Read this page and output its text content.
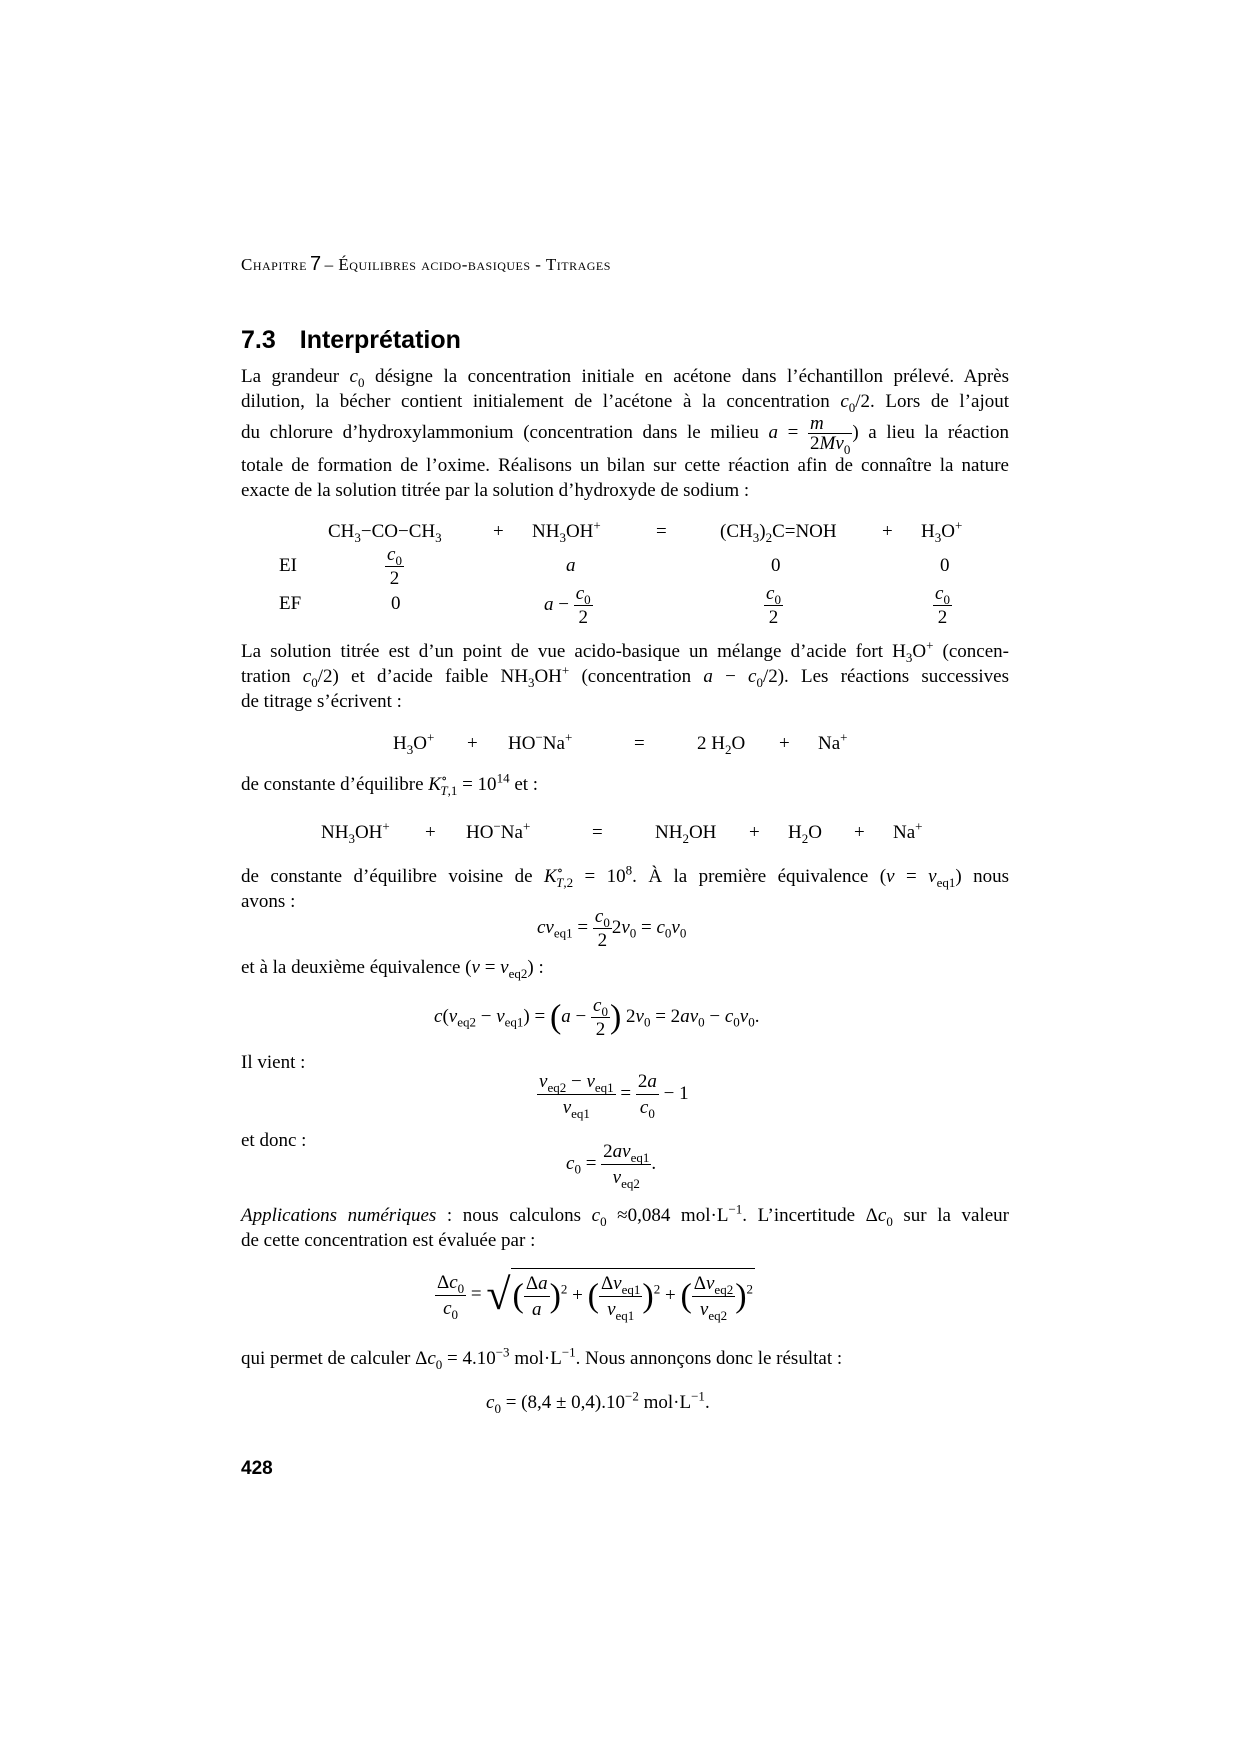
Chapitre 7 – Équilibres acido-basiques - Titrages
7.3 Interprétation
La grandeur $c_0$ désigne la concentration initiale en acétone dans l’échantillon prélevé. Après
dilution, la bécher contient initialement de l’acétone à la concentration $c_0/2$. Lors de l’ajout
du chlorure d’hydroxylammonium (concentration dans le milieu $a = \frac{m}{2Mv_0}$ ) a lieu la réaction
totale de formation de l’oxime. Réalisons un bilan sur cette réaction afin de connaître la nature
exacte de la solution titrée par la solution d’hydroxyde de sodium :
$CH_3-CO-CH_3$	+ $NH_3OH^+$	=	$(CH_3)_2C=NOH + H_3O^+$
EI	$\frac{c_0}{2}$	a	0	0
EF	0	$a - \frac{c_0}{2}$	$\frac{c_0}{2}$	$\frac{c_0}{2}$
La solution titrée est d’un point de vue acido-basique un mélange d’acide fort $H_3O^+$ (concen-
tration $c_0/2$) et d’acide faible $NH_3OH^+$ (concentration $a - c_0/2$). Les réactions successives
de titrage s’écrivent :
$H_3O^+ + HO^-Na^+$	=	2 $H_2O + Na^+$
de constante d’équilibre $K^\circ_{T,1} = 10^{14}$ et :
$NH_3OH^+ + HO^-Na^+$	=	$NH_2OH + H_2O + Na^+$
de constante d’équilibre voisine de $K^\circ_{T,2} = 10^8$. À la première équivalence $(v = v_{eq1})$ nous
avons :
$cv_{eq1} = \frac{c_0}{2} 2v_0 = c_0v_0$
et à la deuxième équivalence $(v = v_{eq2})$ :
$c(v_{eq2} - v_{eq1}) = (a - \frac{c_0}{2}$ ) $2v_0 = 2av_0 - c_0v_0$.
Il vient :
$v_{eq2} - v_{eq1}$
$v_{eq1}$
= $\frac{2a}{c_0} - 1$
et donc :
$c_0$ =
$2av_{eq1}$
$v_{eq2}$
.
Applications numériques : nous calculons $c_0 \approx 0,084$ $mol\cdot L^{-1}$. L’incertitude $\Delta c_0$ sur la valeur
de cette concentration est évaluée par :
$\frac{\Delta c_0}{c_0}$ = √( $\frac{\Delta a}{a} )^2$ + ( $\Delta v_{eq1}$
$v_{eq1}$
)$^2$ + ( $\Delta v_{eq2}$
$v_{eq2}$
)$^2$
qui permet de calculer $\Delta c_0 = 4.10^{-3}$ $mol\cdot L^{-1}$. Nous annonçons donc le résultat :
$c_0 = (8,4 \pm 0,4).10^{-2}$ $mol\cdot L^{-1}$.
428
